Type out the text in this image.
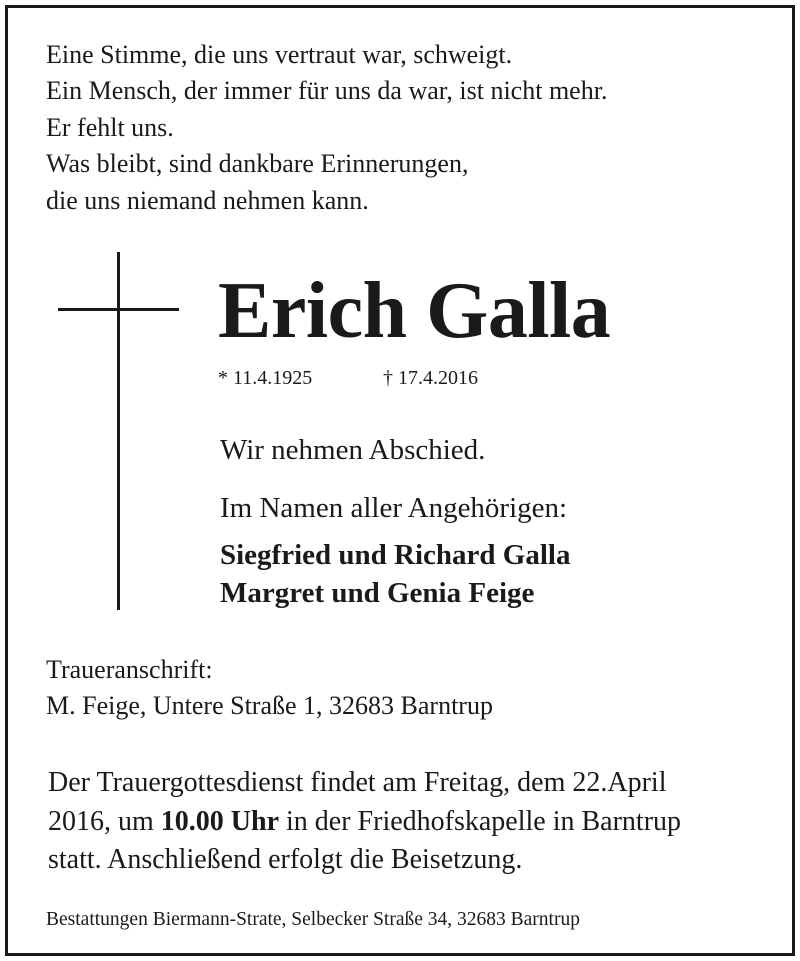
Eine Stimme, die uns vertraut war, schweigt.
Ein Mensch, der immer für uns da war, ist nicht mehr.
Er fehlt uns.
Was bleibt, sind dankbare Erinnerungen,
die uns niemand nehmen kann.
Erich Galla
* 11.4.1925	† 17.4.2016
Wir nehmen Abschied.
Im Namen aller Angehörigen:
Siegfried und Richard Galla
Margret und Genia Feige
Traueranschrift:
M. Feige, Untere Straße 1, 32683 Barntrup
Der Trauergottesdienst findet am Freitag, dem 22.April
2016, um 10.00 Uhr in der Friedhofskapelle in Barntrup
statt. Anschließend erfolgt die Beisetzung.
Bestattungen Biermann-Strate, Selbecker Straße 34, 32683 Barntrup
